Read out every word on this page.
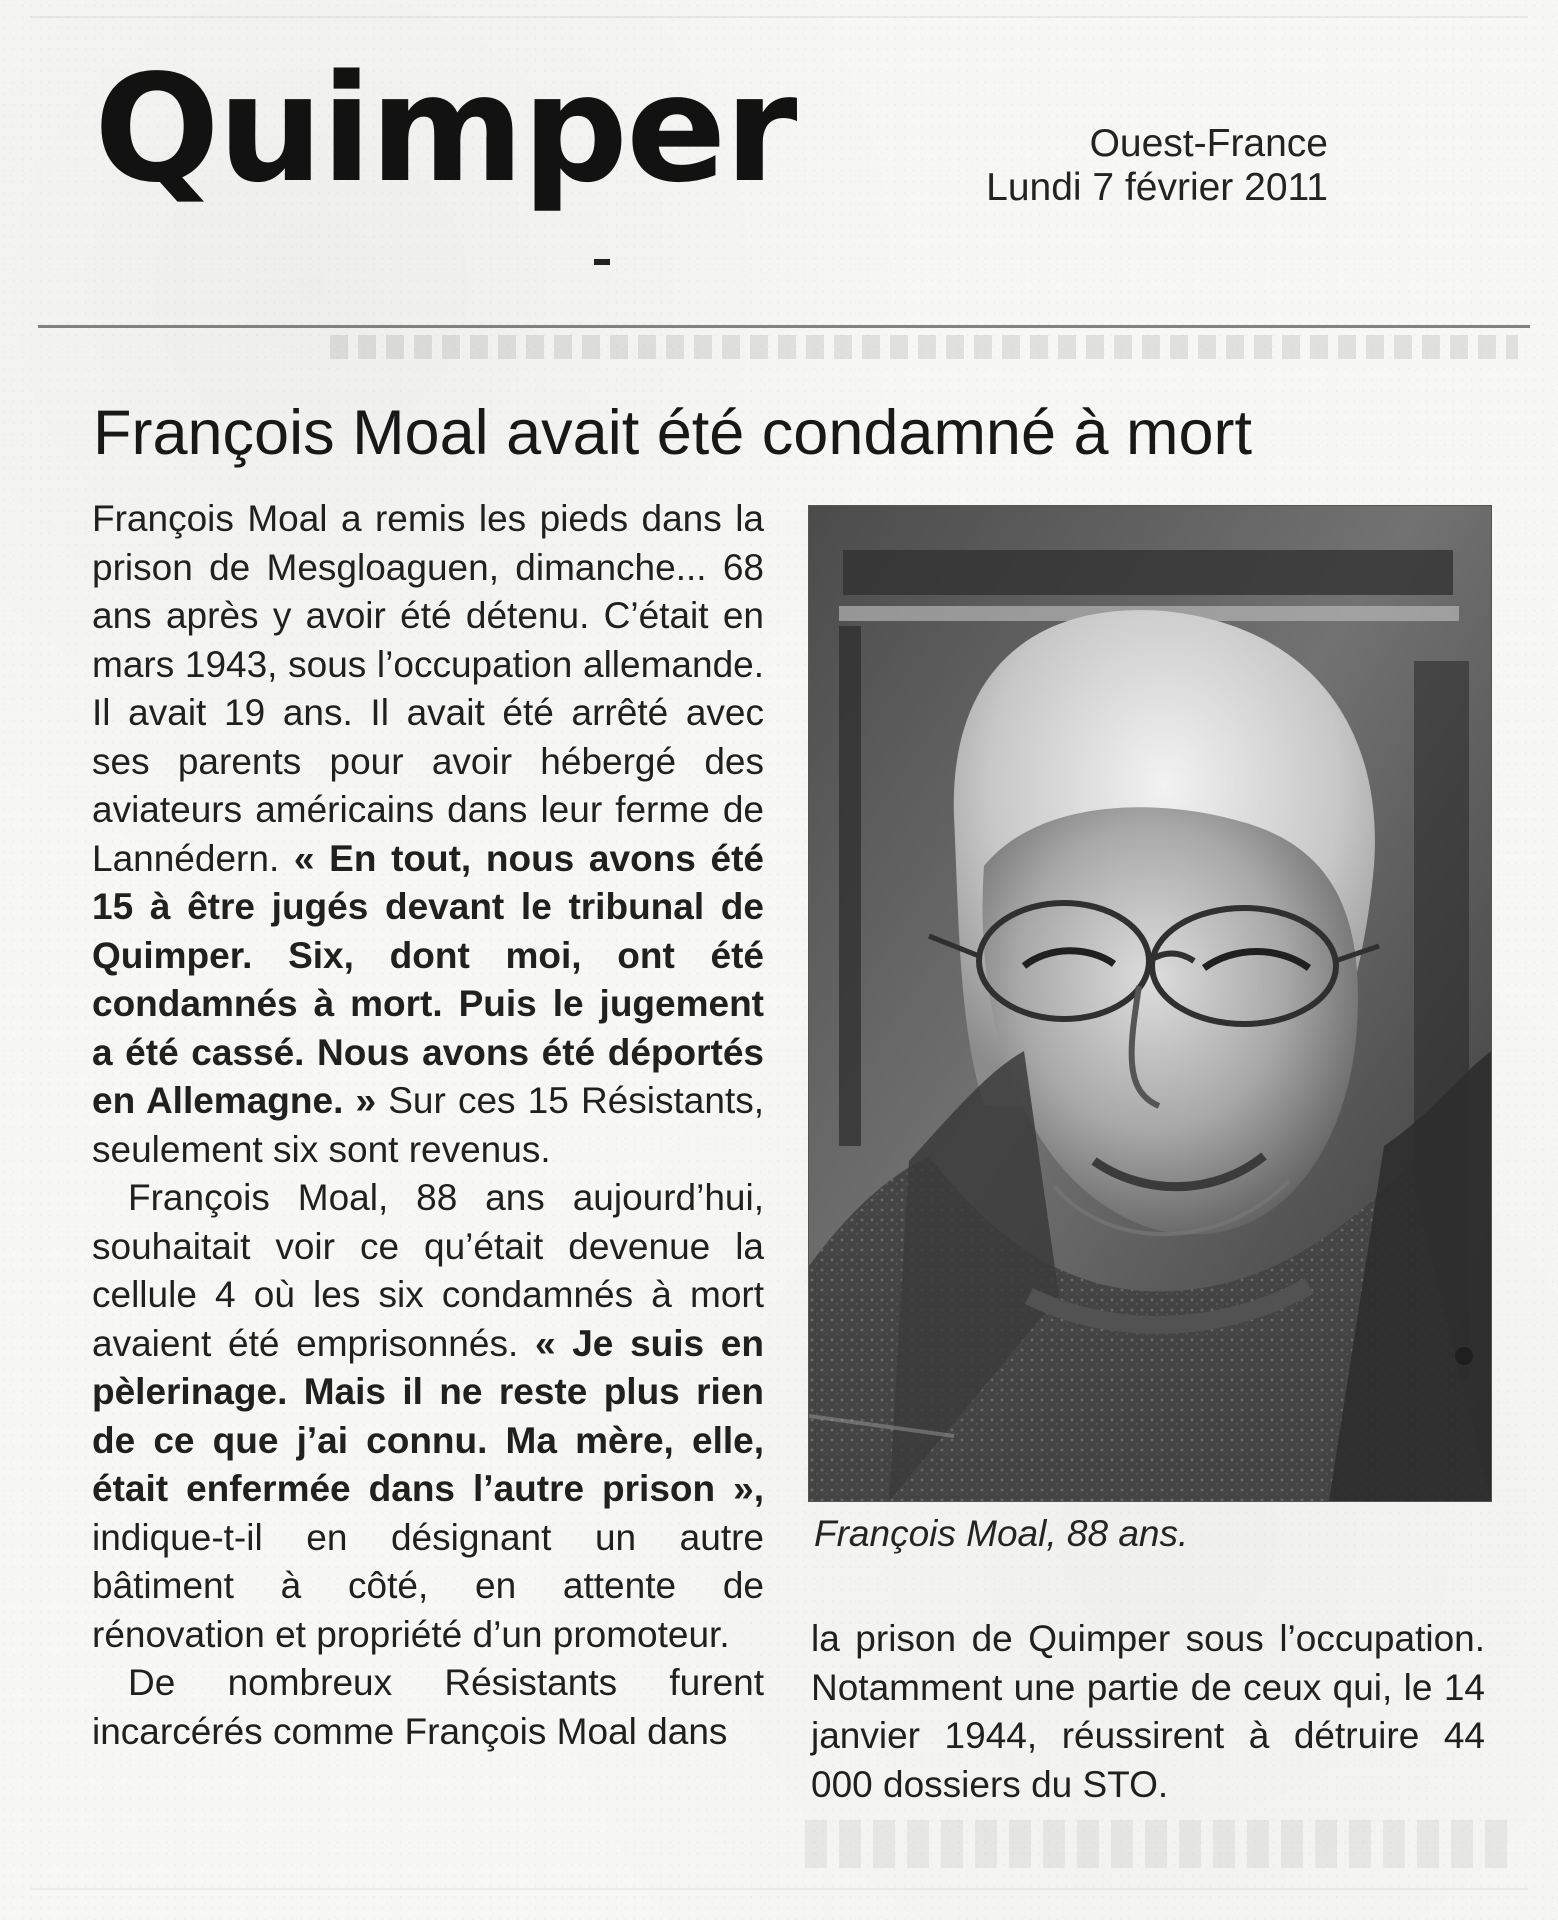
Quimper	Ouest-France
Lundi 7 février 2011
François Moal avait été condamné à mort

François Moal a remis les pieds dans la prison de Mesgloaguen, dimanche... 68 ans après y avoir été détenu. C’était en mars 1943, sous l’occupation allemande. Il avait 19 ans. Il avait été arrêté avec ses parents pour avoir hébergé des aviateurs américains dans leur ferme de Lannédern. « En tout, nous avons été 15 à être jugés devant le tribunal de Quimper. Six, dont moi, ont été condamnés à mort. Puis le jugement a été cassé. Nous avons été déportés en Allemagne. » Sur ces 15 Résistants, seulement six sont revenus.

François Moal, 88 ans aujourd’hui, souhaitait voir ce qu’était devenue la cellule 4 où les six condamnés à mort avaient été emprisonnés. « Je suis en pèlerinage. Mais il ne reste plus rien de ce que j’ai connu. Ma mère, elle, était enfermée dans l’autre prison », indique-t-il en désignant un autre bâtiment à côté, en attente de rénovation et propriété d’un promoteur.

De nombreux Résistants furent incarcérés comme François Moal dans

François Moal, 88 ans.

la prison de Quimper sous l’occupation. Notamment une partie de ceux qui, le 14 janvier 1944, réussirent à détruire 44 000 dossiers du STO.
